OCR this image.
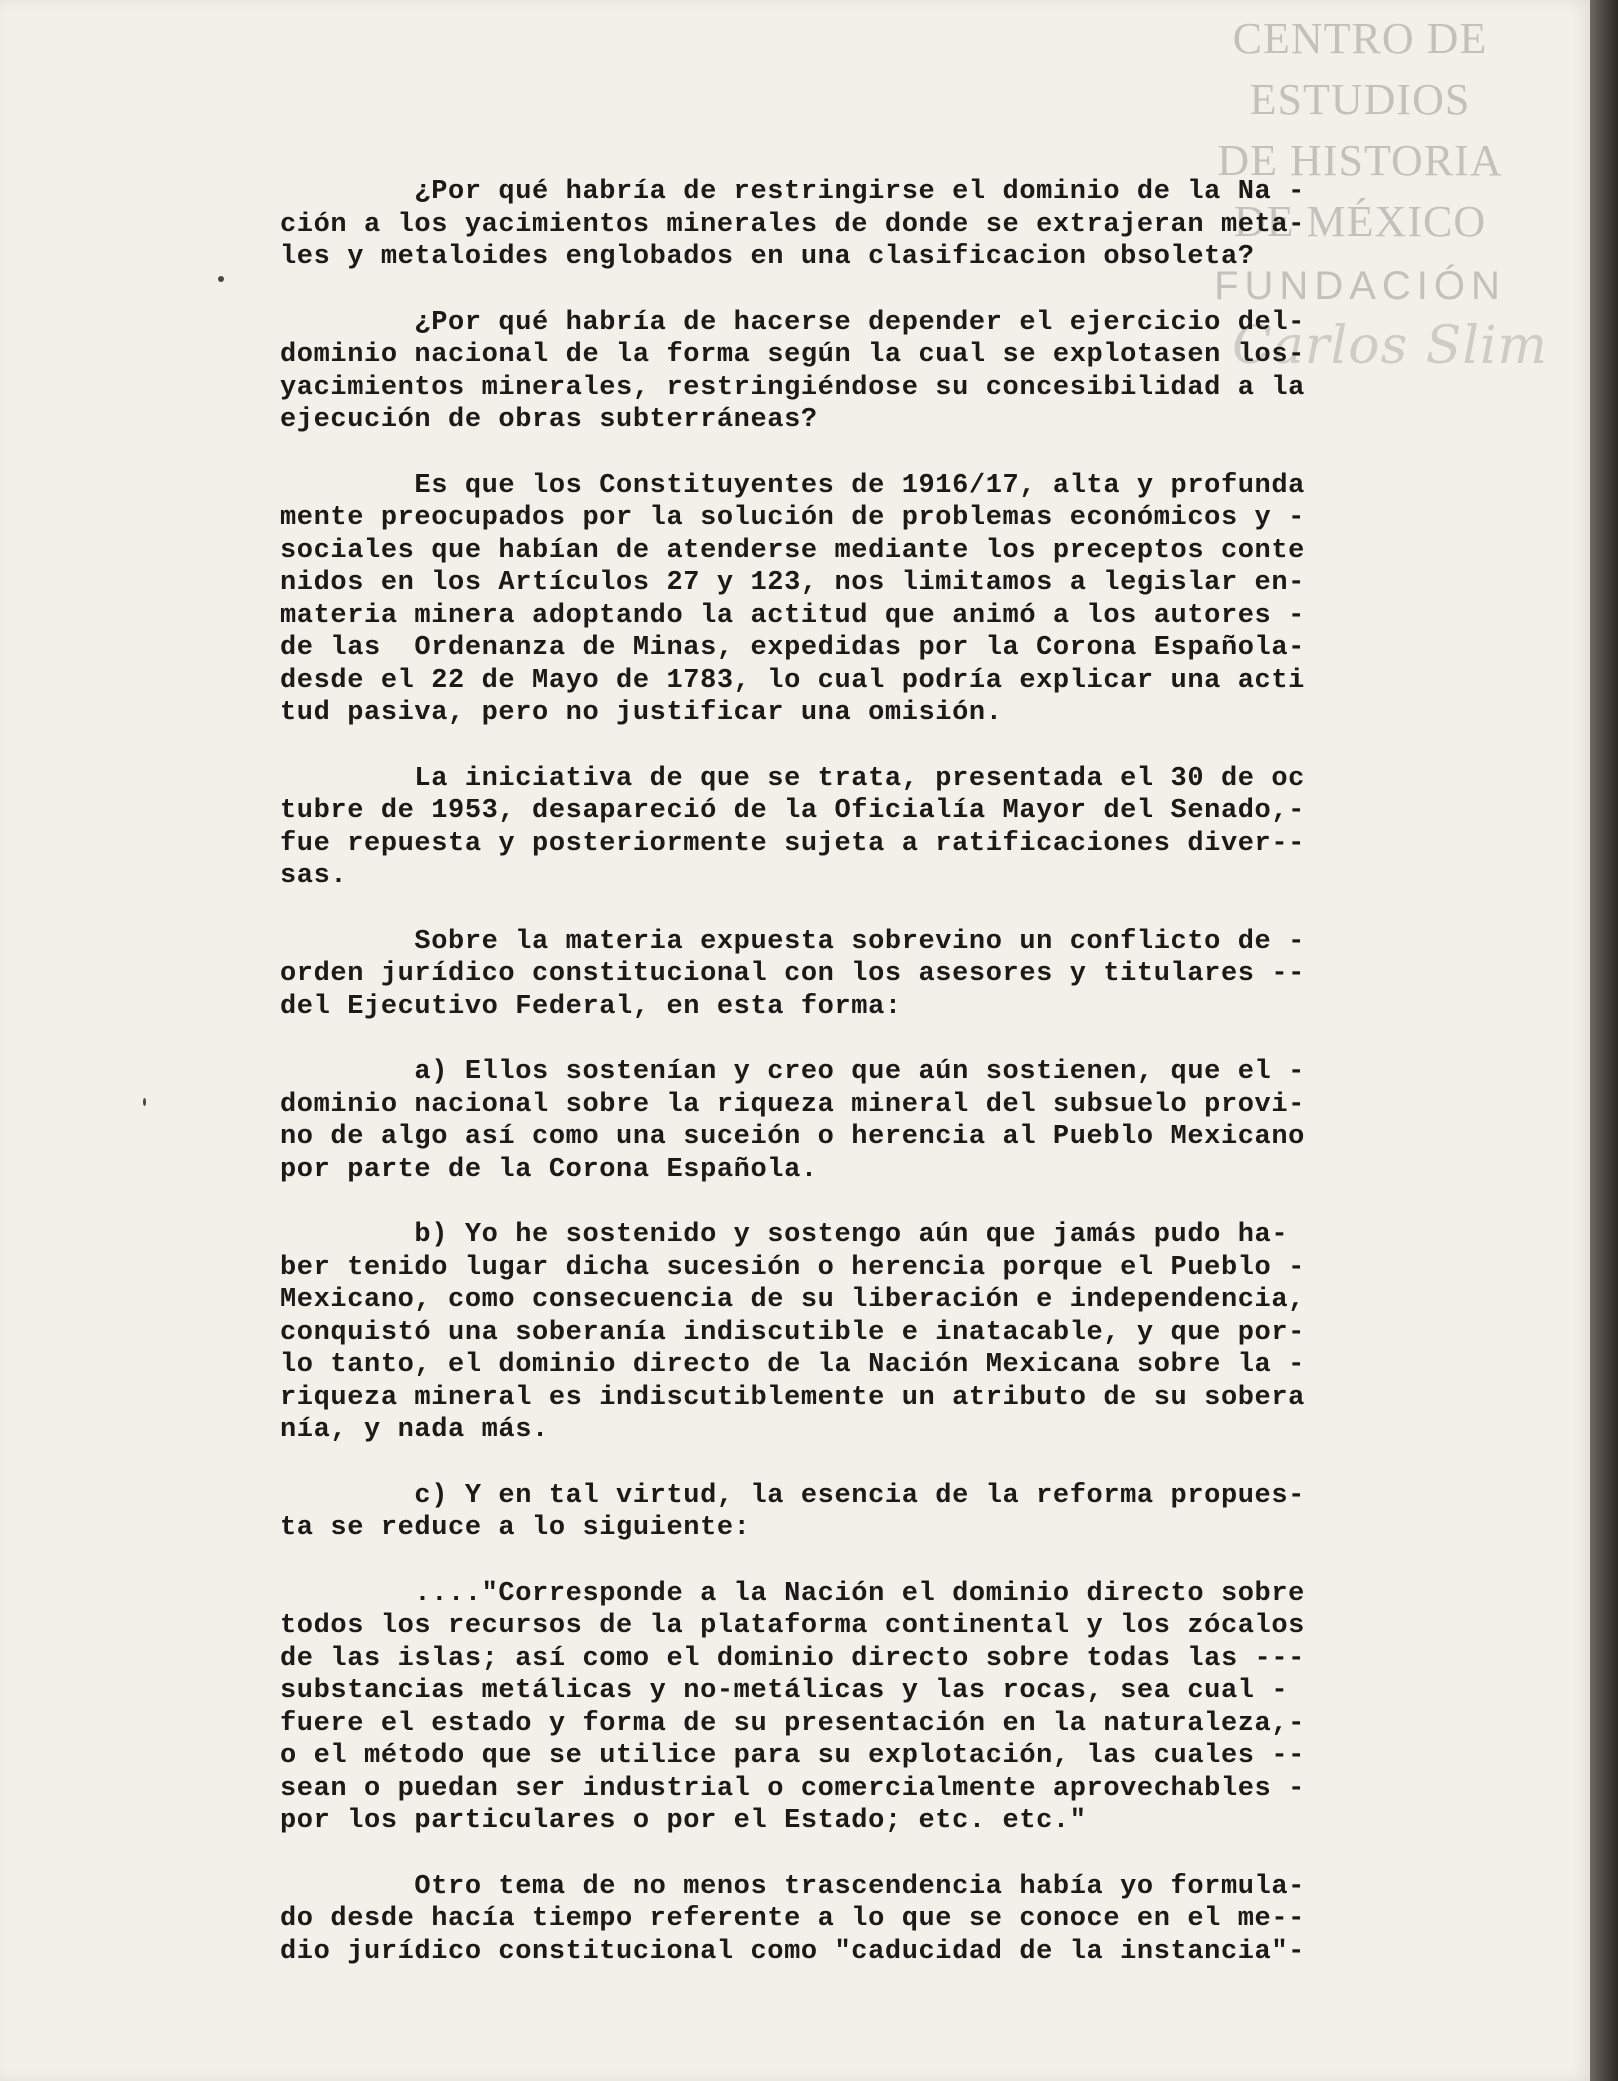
CENTRO DE
ESTUDIOS
DE HISTORIA
DE MÉXICO
FUNDACIÓN
Carlos Slim
¿Por qué habría de restringirse el dominio de la Na -
ción a los yacimientos minerales de donde se extrajeran meta-
les y metaloides englobados en una clasificacion obsoleta?
¿Por qué habría de hacerse depender el ejercicio del-
dominio nacional de la forma según la cual se explotasen los-
yacimientos minerales, restringiéndose su concesibilidad a la
ejecución de obras subterráneas?
Es que los Constituyentes de 1916/17, alta y profunda
mente preocupados por la solución de problemas económicos y -
sociales que habían de atenderse mediante los preceptos conte
nidos en los Artículos 27 y 123, nos limitamos a legislar en-
materia minera adoptando la actitud que animó a los autores -
de las  Ordenanza de Minas, expedidas por la Corona Española-
desde el 22 de Mayo de 1783, lo cual podría explicar una acti
tud pasiva, pero no justificar una omisión.
La iniciativa de que se trata, presentada el 30 de oc
tubre de 1953, desapareció de la Oficialía Mayor del Senado,-
fue repuesta y posteriormente sujeta a ratificaciones diver--
sas.
Sobre la materia expuesta sobrevino un conflicto de -
orden jurídico constitucional con los asesores y titulares --
del Ejecutivo Federal, en esta forma:
a) Ellos sostenían y creo que aún sostienen, que el -
dominio nacional sobre la riqueza mineral del subsuelo provi-
no de algo así como una suceión o herencia al Pueblo Mexicano
por parte de la Corona Española.
b) Yo he sostenido y sostengo aún que jamás pudo ha-
ber tenido lugar dicha sucesión o herencia porque el Pueblo -
Mexicano, como consecuencia de su liberación e independencia,
conquistó una soberanía indiscutible e inatacable, y que por-
lo tanto, el dominio directo de la Nación Mexicana sobre la -
riqueza mineral es indiscutiblemente un atributo de su sobera
nía, y nada más.
c) Y en tal virtud, la esencia de la reforma propues-
ta se reduce a lo siguiente:
...."Corresponde a la Nación el dominio directo sobre
todos los recursos de la plataforma continental y los zócalos
de las islas; así como el dominio directo sobre todas las ---
substancias metálicas y no-metálicas y las rocas, sea cual -
fuere el estado y forma de su presentación en la naturaleza,-
o el método que se utilice para su explotación, las cuales --
sean o puedan ser industrial o comercialmente aprovechables -
por los particulares o por el Estado; etc. etc."
Otro tema de no menos trascendencia había yo formula-
do desde hacía tiempo referente a lo que se conoce en el me--
dio jurídico constitucional como "caducidad de la instancia"-
